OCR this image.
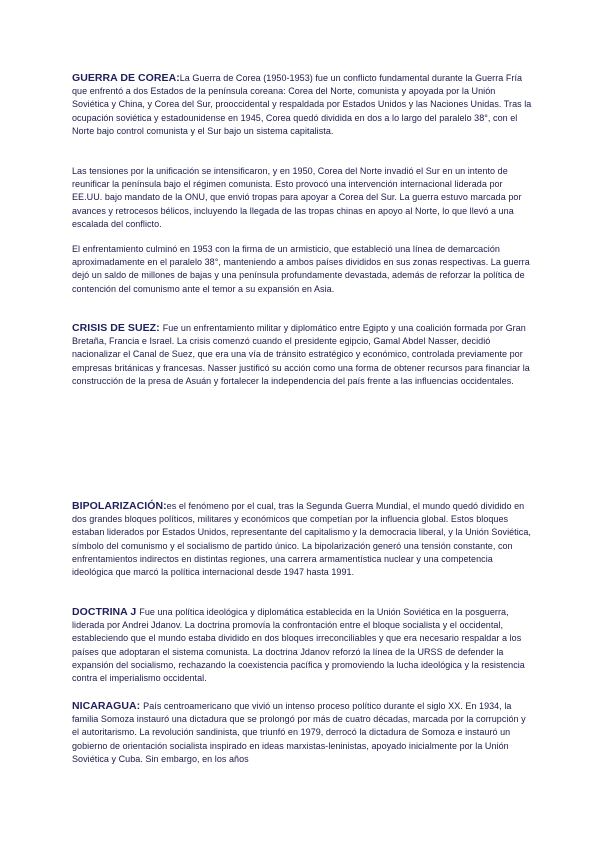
GUERRA DE COREA:La Guerra de Corea (1950-1953) fue un conflicto fundamental durante la Guerra Fría que enfrentó a dos Estados de la península coreana: Corea del Norte, comunista y apoyada por la Unión Soviética y China, y Corea del Sur, prooccidental y respaldada por Estados Unidos y las Naciones Unidas. Tras la ocupación soviética y estadounidense en 1945, Corea quedó dividida en dos a lo largo del paralelo 38°, con el Norte bajo control comunista y el Sur bajo un sistema capitalista.

Las tensiones por la unificación se intensificaron, y en 1950, Corea del Norte invadió el Sur en un intento de reunificar la península bajo el régimen comunista. Esto provocó una intervención internacional liderada por EE.UU. bajo mandato de la ONU, que envió tropas para apoyar a Corea del Sur. La guerra estuvo marcada por avances y retrocesos bélicos, incluyendo la llegada de las tropas chinas en apoyo al Norte, lo que llevó a una escalada del conflicto.

El enfrentamiento culminó en 1953 con la firma de un armisticio, que estableció una línea de demarcación aproximadamente en el paralelo 38°, manteniendo a ambos países divididos en sus zonas respectivas. La guerra dejó un saldo de millones de bajas y una península profundamente devastada, además de reforzar la política de contención del comunismo ante el temor a su expansión en Asia.

CRISIS DE SUEZ: Fue un enfrentamiento militar y diplomático entre Egipto y una coalición formada por Gran Bretaña, Francia e Israel. La crisis comenzó cuando el presidente egipcio, Gamal Abdel Nasser, decidió nacionalizar el Canal de Suez, que era una vía de tránsito estratégico y económico, controlada previamente por empresas británicas y francesas. Nasser justificó su acción como una forma de obtener recursos para financiar la construcción de la presa de Asuán y fortalecer la independencia del país frente a las influencias occidentales.

BIPOLARIZACIÓN:es el fenómeno por el cual, tras la Segunda Guerra Mundial, el mundo quedó dividido en dos grandes bloques políticos, militares y económicos que competían por la influencia global. Estos bloques estaban liderados por Estados Unidos, representante del capitalismo y la democracia liberal, y la Unión Soviética, símbolo del comunismo y el socialismo de partido único. La bipolarización generó una tensión constante, con enfrentamientos indirectos en distintas regiones, una carrera armamentística nuclear y una competencia ideológica que marcó la política internacional desde 1947 hasta 1991.

DOCTRINA J Fue una política ideológica y diplomática establecida en la Unión Soviética en la posguerra, liderada por Andrei Jdanov. La doctrina promovía la confrontación entre el bloque socialista y el occidental, estableciendo que el mundo estaba dividido en dos bloques irreconciliables y que era necesario respaldar a los países que adoptaran el sistema comunista. La doctrina Jdanov reforzó la línea de la URSS de defender la expansión del socialismo, rechazando la coexistencia pacífica y promoviendo la lucha ideológica y la resistencia contra el imperialismo occidental.

NICARAGUA: País centroamericano que vivió un intenso proceso político durante el siglo XX. En 1934, la familia Somoza instauró una dictadura que se prolongó por más de cuatro décadas, marcada por la corrupción y el autoritarismo. La revolución sandinista, que triunfó en 1979, derrocó la dictadura de Somoza e instauró un gobierno de orientación socialista inspirado en ideas marxistas-leninistas, apoyado inicialmente por la Unión Soviética y Cuba. Sin embargo, en los años
